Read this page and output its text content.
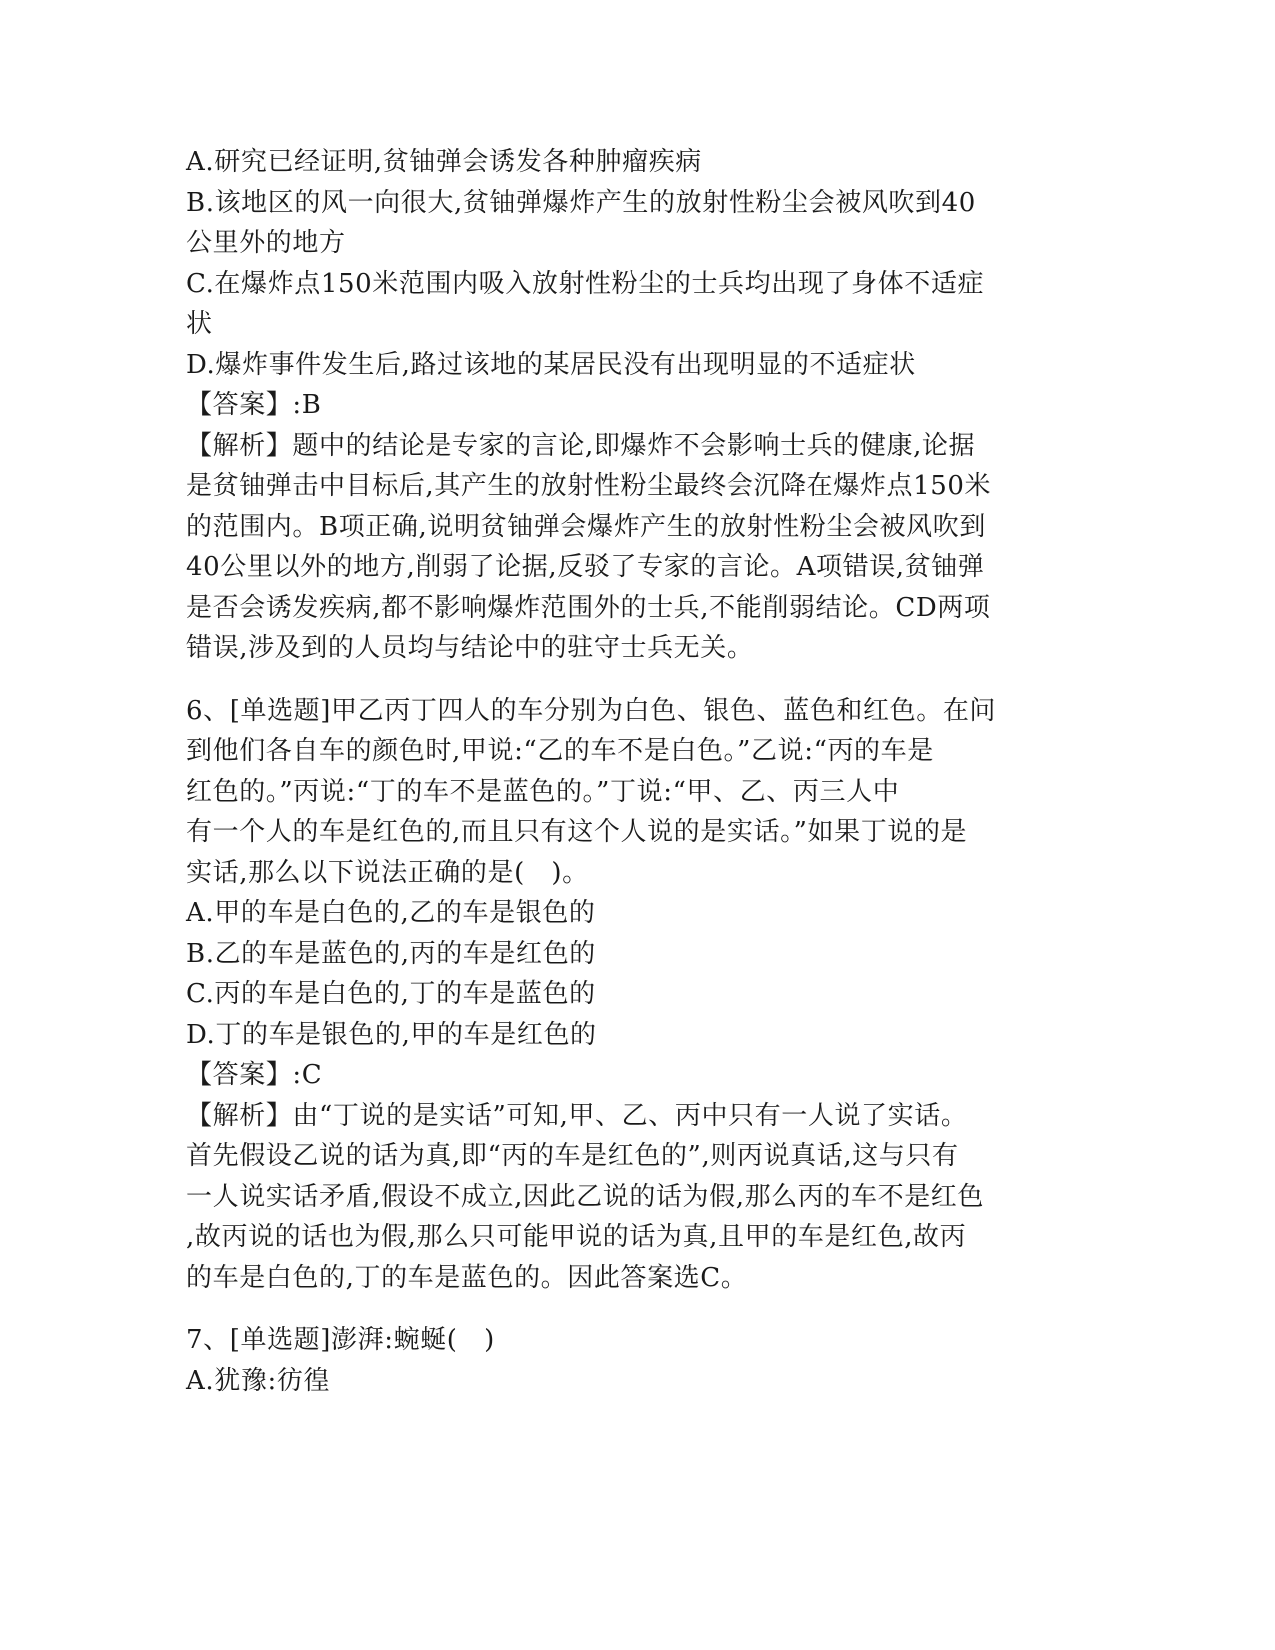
A.研究已经证明,贫铀弹会诱发各种肿瘤疾病
B.该地区的风一向很大,贫铀弹爆炸产生的放射性粉尘会被风吹到40
公里外的地方
C.在爆炸点150米范围内吸入放射性粉尘的士兵均出现了身体不适症
状
D.爆炸事件发生后,路过该地的某居民没有出现明显的不适症状
【答案】:B
【解析】题中的结论是专家的言论,即爆炸不会影响士兵的健康,论据
是贫铀弹击中目标后,其产生的放射性粉尘最终会沉降在爆炸点150米
的范围内。B项正确,说明贫铀弹会爆炸产生的放射性粉尘会被风吹到
40公里以外的地方,削弱了论据,反驳了专家的言论。A项错误,贫铀弹
是否会诱发疾病,都不影响爆炸范围外的士兵,不能削弱结论。CD两项
错误,涉及到的人员均与结论中的驻守士兵无关。
6、[单选题]甲乙丙丁四人的车分别为白色、银色、蓝色和红色。在问
到他们各自车的颜色时,甲说:“乙的车不是白色。”乙说:“丙的车是
红色的。”丙说:“丁的车不是蓝色的。”丁说:“甲、乙、丙三人中
有一个人的车是红色的,而且只有这个人说的是实话。”如果丁说的是
实话,那么以下说法正确的是(　)。
A.甲的车是白色的,乙的车是银色的
B.乙的车是蓝色的,丙的车是红色的
C.丙的车是白色的,丁的车是蓝色的
D.丁的车是银色的,甲的车是红色的
【答案】:C
【解析】由“丁说的是实话”可知,甲、乙、丙中只有一人说了实话。
首先假设乙说的话为真,即“丙的车是红色的”,则丙说真话,这与只有
一人说实话矛盾,假设不成立,因此乙说的话为假,那么丙的车不是红色
,故丙说的话也为假,那么只可能甲说的话为真,且甲的车是红色,故丙
的车是白色的,丁的车是蓝色的。因此答案选C。
7、[单选题]澎湃:蜿蜒(　)
A.犹豫:彷徨
